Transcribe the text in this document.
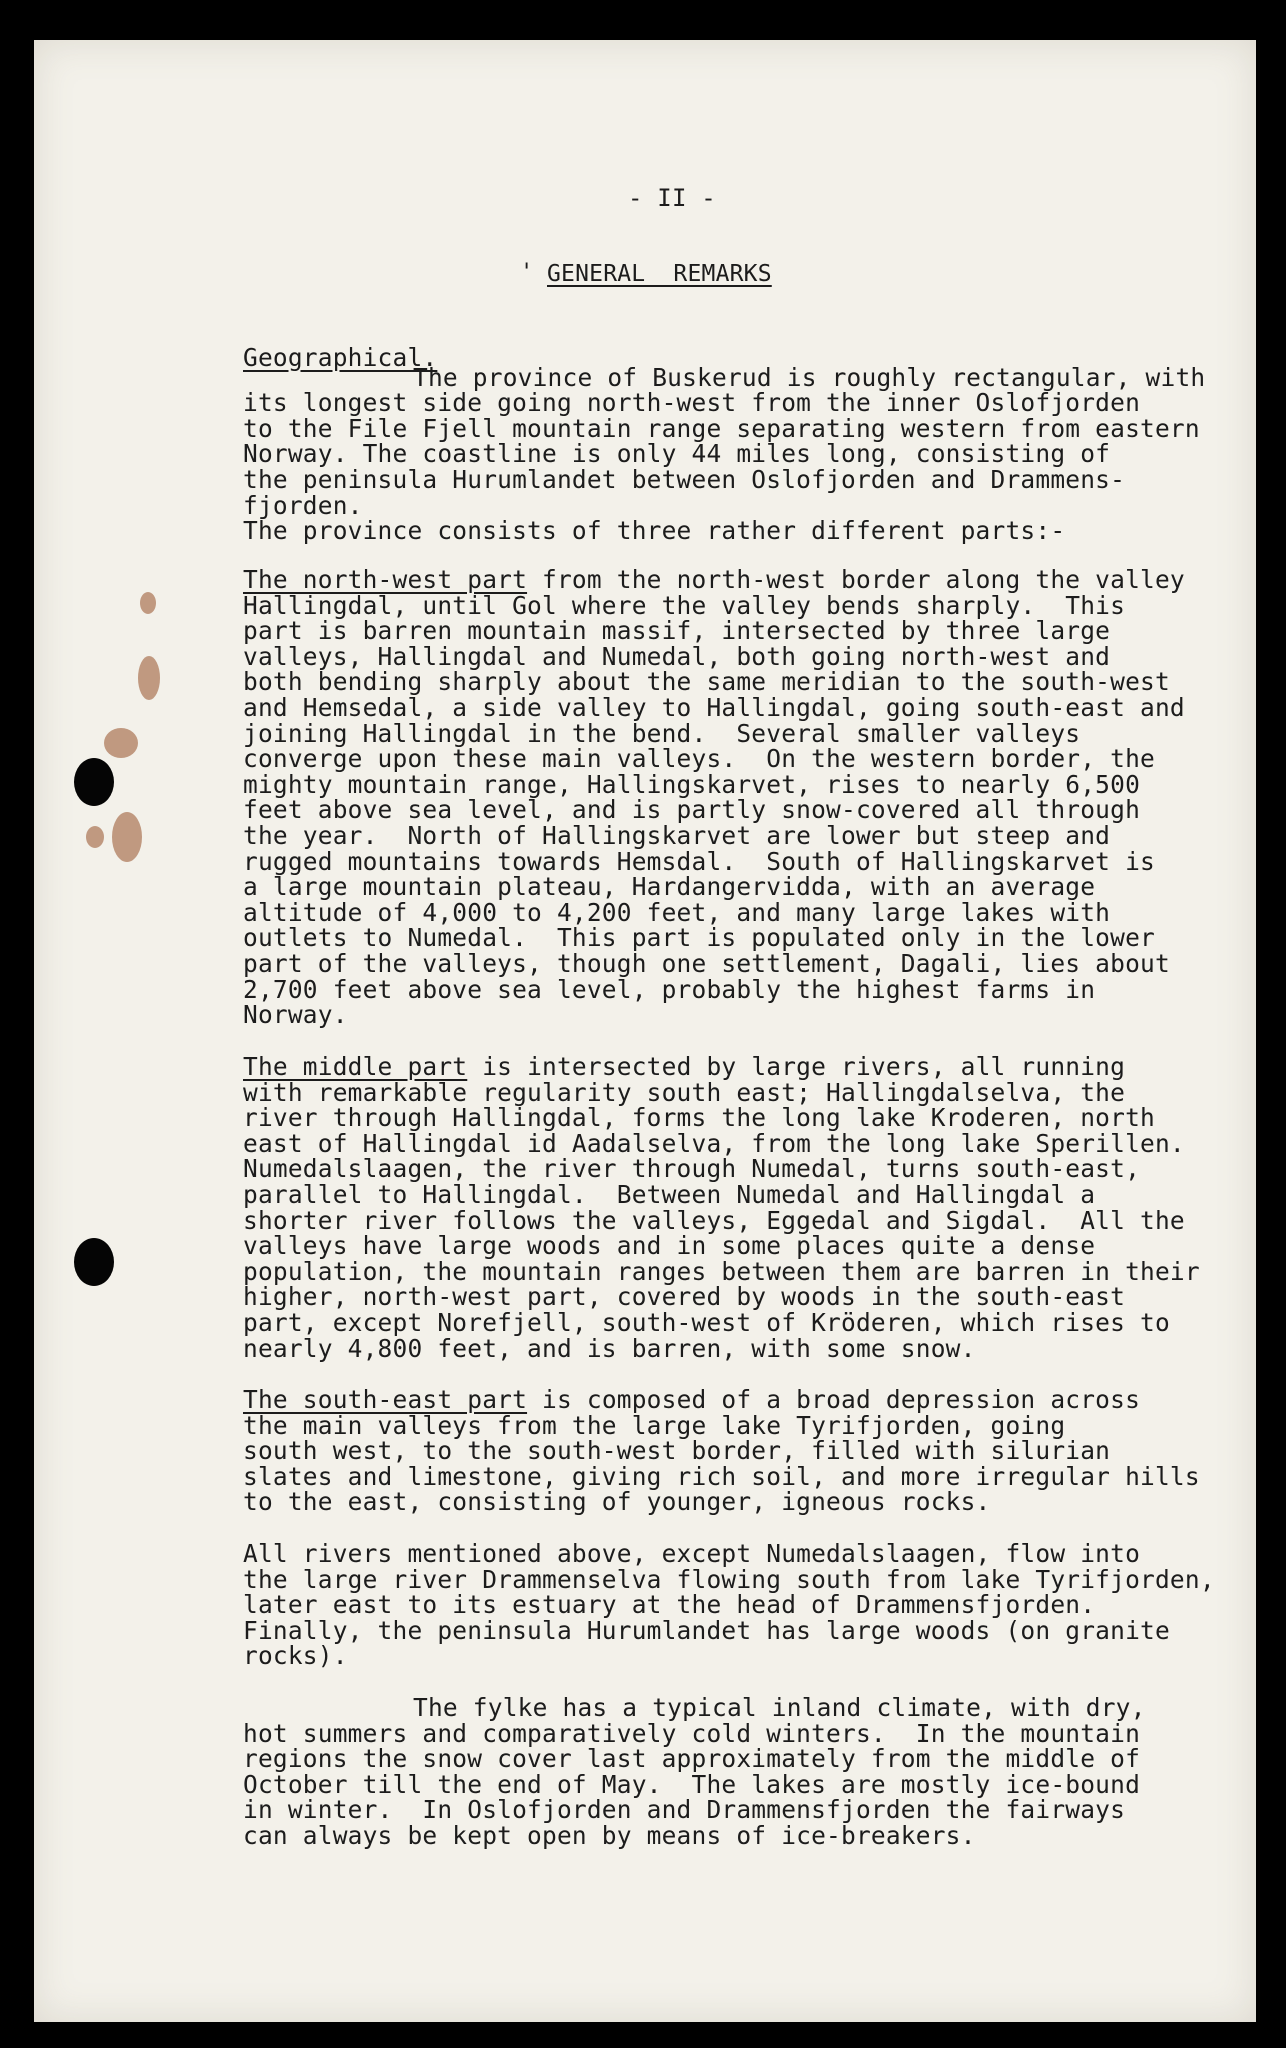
- II -
' GENERAL  REMARKS
Geographical.
The province of Buskerud is roughly rectangular, with
its longest side going north-west from the inner Oslofjorden
to the File Fjell mountain range separating western from eastern
Norway. The coastline is only 44 miles long, consisting of
the peninsula Hurumlandet between Oslofjorden and Drammens-
fjorden.
The province consists of three rather different parts:-
The north-west part from the north-west border along the valley
Hallingdal, until Gol where the valley bends sharply.  This
part is barren mountain massif, intersected by three large
valleys, Hallingdal and Numedal, both going north-west and
both bending sharply about the same meridian to the south-west
and Hemsedal, a side valley to Hallingdal, going south-east and
joining Hallingdal in the bend.  Several smaller valleys
converge upon these main valleys.  On the western border, the
mighty mountain range, Hallingskarvet, rises to nearly 6,500
feet above sea level, and is partly snow-covered all through
the year.  North of Hallingskarvet are lower but steep and
rugged mountains towards Hemsdal.  South of Hallingskarvet is
a large mountain plateau, Hardangervidda, with an average
altitude of 4,000 to 4,200 feet, and many large lakes with
outlets to Numedal.  This part is populated only in the lower
part of the valleys, though one settlement, Dagali, lies about
2,700 feet above sea level, probably the highest farms in
Norway.
The middle part is intersected by large rivers, all running
with remarkable regularity south east; Hallingdalselva, the
river through Hallingdal, forms the long lake Kroderen, north
east of Hallingdal id Aadalselva, from the long lake Sperillen.
Numedalslaagen, the river through Numedal, turns south-east,
parallel to Hallingdal.  Between Numedal and Hallingdal a
shorter river follows the valleys, Eggedal and Sigdal.  All the
valleys have large woods and in some places quite a dense
population, the mountain ranges between them are barren in their
higher, north-west part, covered by woods in the south-east
part, except Norefjell, south-west of Kröderen, which rises to
nearly 4,800 feet, and is barren, with some snow.
The south-east part is composed of a broad depression across
the main valleys from the large lake Tyrifjorden, going
south west, to the south-west border, filled with silurian
slates and limestone, giving rich soil, and more irregular hills
to the east, consisting of younger, igneous rocks.
All rivers mentioned above, except Numedalslaagen, flow into
the large river Drammenselva flowing south from lake Tyrifjorden,
later east to its estuary at the head of Drammensfjorden.
Finally, the peninsula Hurumlandet has large woods (on granite
rocks).
The fylke has a typical inland climate, with dry,
hot summers and comparatively cold winters.  In the mountain
regions the snow cover last approximately from the middle of
October till the end of May.  The lakes are mostly ice-bound
in winter.  In Oslofjorden and Drammensfjorden the fairways
can always be kept open by means of ice-breakers.
